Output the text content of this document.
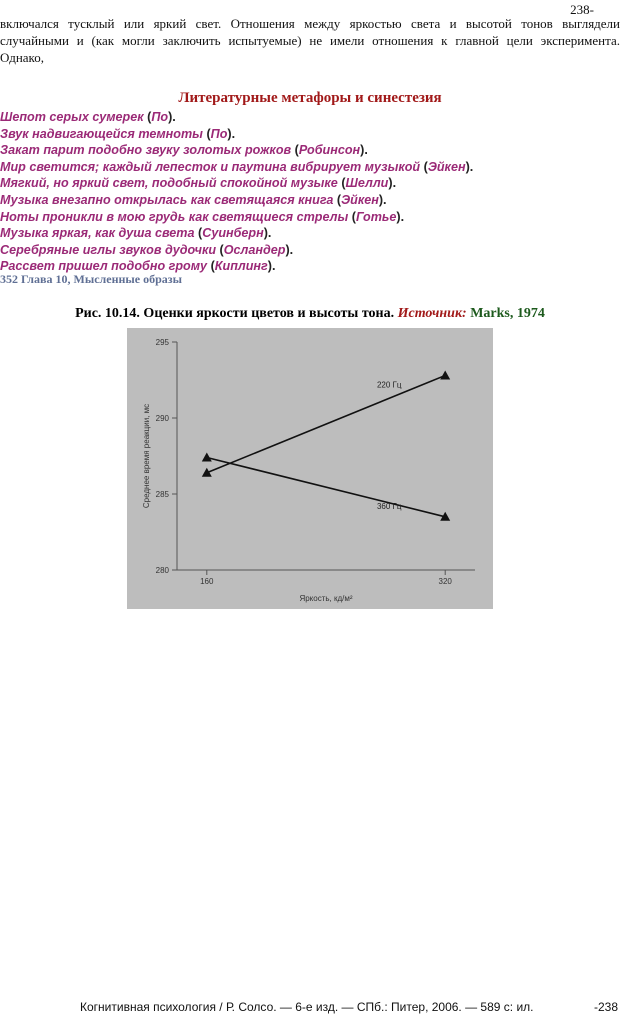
238-
включался тусклый или яркий свет. Отношения между яркостью света и высотой тонов выглядели
случайными и (как могли заключить испытуемые) не имели отношения к главной цели эксперимента.
Однако,
Литературные метафоры и синестезия
Шепот серых сумерек (По).
Звук надвигающейся темноты (По).
Закат парит подобно звуку золотых рожков (Робинсон).
Мир светится; каждый лепесток и паутина вибрирует музыкой (Эйкен).
Мягкий, но яркий свет, подобный спокойной музыке (Шелли).
Музыка внезапно открылась как светящаяся книга (Эйкен).
Ноты проникли в мою грудь как светящиеся стрелы (Готье).
Музыка яркая, как душа света (Суинберн).
Серебряные иглы звуков дудочки (Осландер).
Рассвет пришел подобно грому (Киплинг).
352 Глава 10, Мысленные образы
Рис. 10.14. Оценки яркости цветов и высоты тона. Источник: Marks, 1974
280
285
290
295
160	320
Яркость, кд/м²
Среднее время реакции, мс
220 Гц
360 Гц
Когнитивная психология / Р. Солсо. — 6-е изд. — СПб.: Питер, 2006. — 589 с: ил.	-238
